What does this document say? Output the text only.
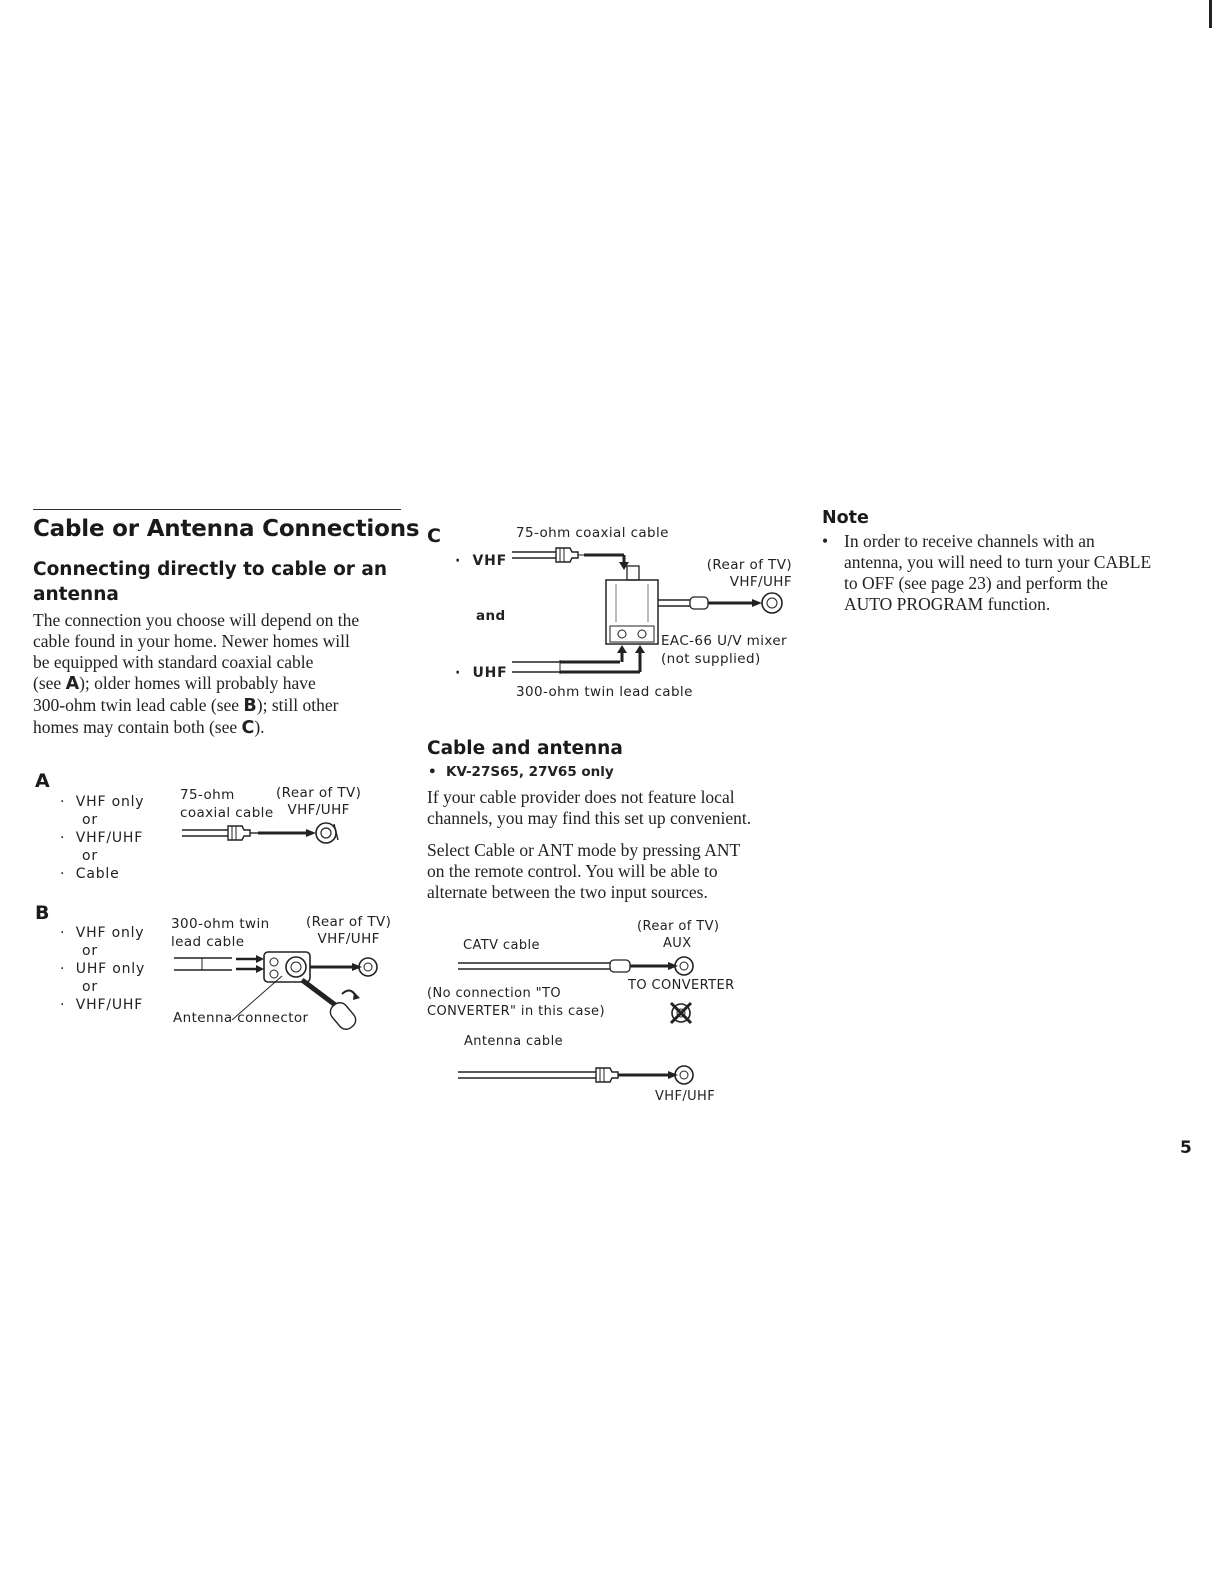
Cable or Antenna Connections
Connecting directly to cable or an
antenna
The connection you choose will depend on the
cable found in your home. Newer homes will
be equipped with standard coaxial cable
(see A); older homes will probably have
300-ohm twin lead cable (see B); still other
homes may contain both (see C).
A
·  VHF only
or
·  VHF/UHF
or
·  Cable
75-ohm
coaxial cable
(Rear of TV)
VHF/UHF
B
·  VHF only
or
·  UHF only
or
·  VHF/UHF
300-ohm twin
lead cable
(Rear of TV)
VHF/UHF
Antenna connector
C	75-ohm coaxial cable
·  VHF
and
·  UHF
(Rear of TV)
VHF/UHF
EAC-66 U/V mixer
(not supplied)
300-ohm twin lead cable
Cable and antenna
•  KV-27S65, 27V65 only
If your cable provider does not feature local
channels, you may find this set up convenient.
Select Cable or ANT mode by pressing ANT
on the remote control. You will be able to
alternate between the two input sources.
(Rear of TV)
AUX
CATV cable
TO CONVERTER
(No connection "TO
CONVERTER" in this case)
Antenna cable
VHF/UHF
Note
• In order to receive channels with an
antenna, you will need to turn your CABLE
to OFF (see page 23) and perform the
AUTO PROGRAM function.
5
